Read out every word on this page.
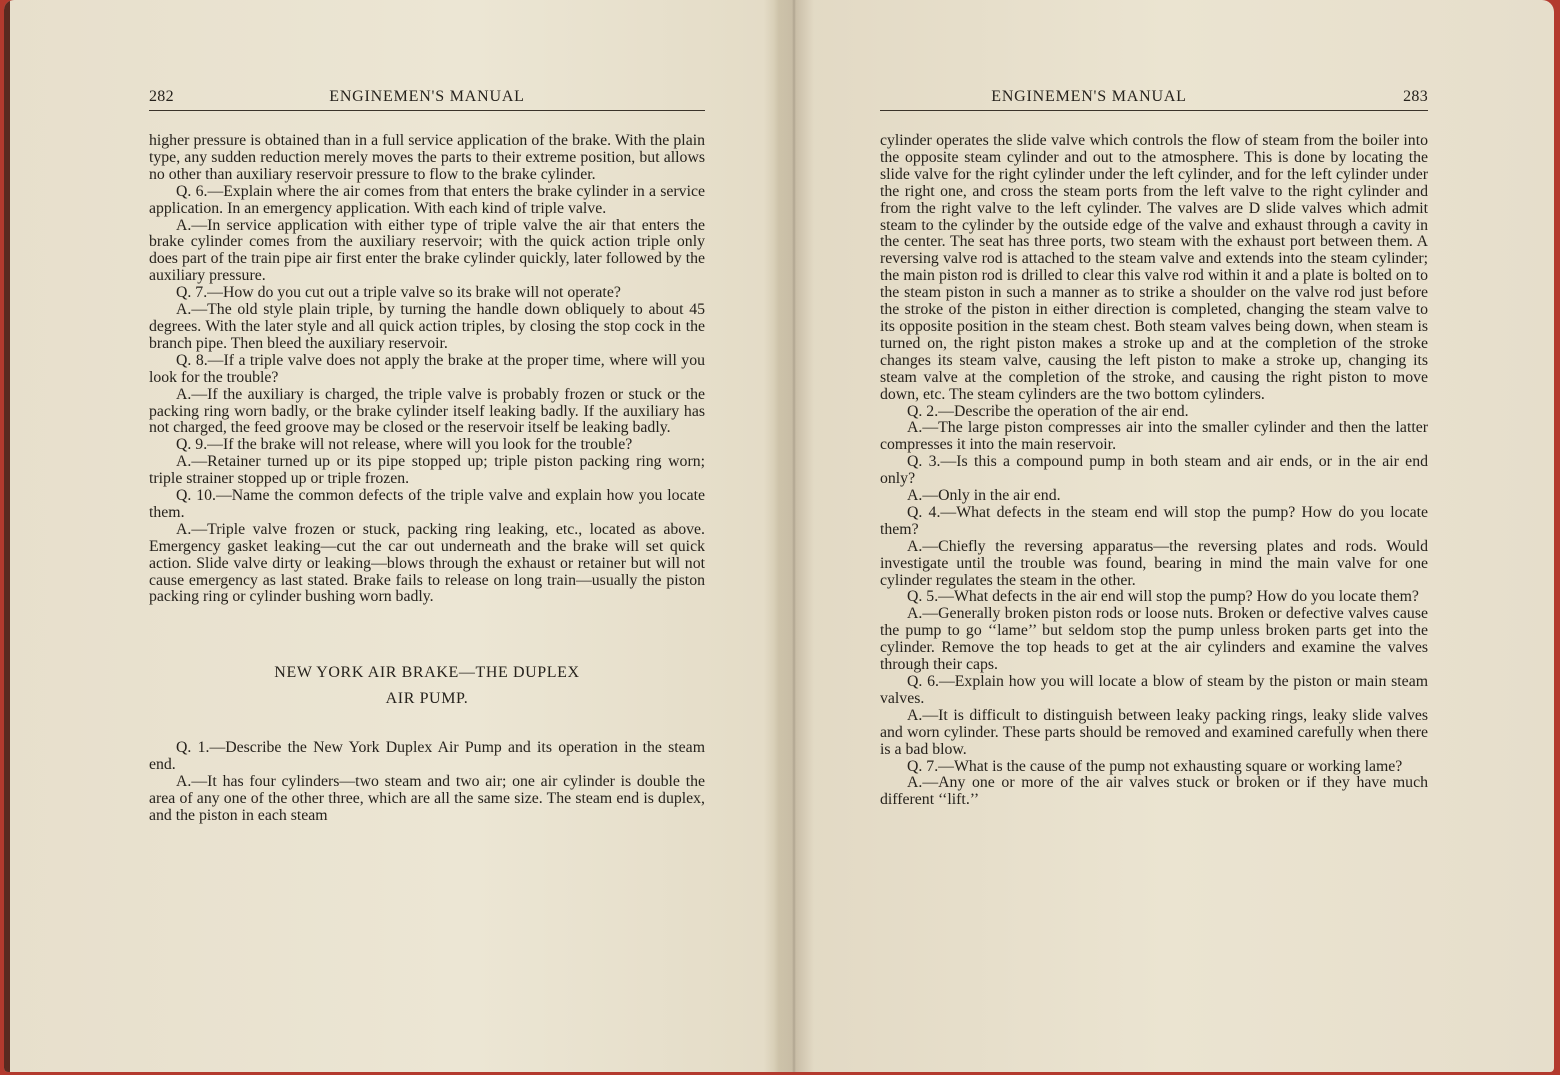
282	ENGINEMEN'S MANUAL

higher pressure is obtained than in a full service application of the brake. With the plain type, any sudden reduction merely moves the parts to their extreme position, but allows no other than auxiliary reservoir pressure to flow to the brake cylinder.

Q. 6.—Explain where the air comes from that enters the brake cylinder in a service application. In an emergency application. With each kind of triple valve.

A.—In service application with either type of triple valve the air that enters the brake cylinder comes from the auxiliary reservoir; with the quick action triple only does part of the train pipe air first enter the brake cylinder quickly, later followed by the auxiliary pressure.

Q. 7.—How do you cut out a triple valve so its brake will not operate?

A.—The old style plain triple, by turning the handle down obliquely to about 45 degrees. With the later style and all quick action triples, by closing the stop cock in the branch pipe. Then bleed the auxiliary reservoir.

Q. 8.—If a triple valve does not apply the brake at the proper time, where will you look for the trouble?

A.—If the auxiliary is charged, the triple valve is probably frozen or stuck or the packing ring worn badly, or the brake cylinder itself leaking badly. If the auxiliary has not charged, the feed groove may be closed or the reservoir itself be leaking badly.

Q. 9.—If the brake will not release, where will you look for the trouble?

A.—Retainer turned up or its pipe stopped up; triple piston packing ring worn; triple strainer stopped up or triple frozen.

Q. 10.—Name the common defects of the triple valve and explain how you locate them.

A.—Triple valve frozen or stuck, packing ring leaking, etc., located as above. Emergency gasket leaking—cut the car out underneath and the brake will set quick action. Slide valve dirty or leaking—blows through the exhaust or retainer but will not cause emergency as last stated. Brake fails to release on long train—usually the piston packing ring or cylinder bushing worn badly.

NEW YORK AIR BRAKE—THE DUPLEX
AIR PUMP.

Q. 1.—Describe the New York Duplex Air Pump and its operation in the steam end.

A.—It has four cylinders—two steam and two air; one air cylinder is double the area of any one of the other three, which are all the same size. The steam end is duplex, and the piston in each steam

ENGINEMEN'S MANUAL	283

cylinder operates the slide valve which controls the flow of steam from the boiler into the opposite steam cylinder and out to the atmosphere. This is done by locating the slide valve for the right cylinder under the left cylinder, and for the left cylinder under the right one, and cross the steam ports from the left valve to the right cylinder and from the right valve to the left cylinder. The valves are D slide valves which admit steam to the cylinder by the outside edge of the valve and exhaust through a cavity in the center. The seat has three ports, two steam with the exhaust port between them. A reversing valve rod is attached to the steam valve and extends into the steam cylinder; the main piston rod is drilled to clear this valve rod within it and a plate is bolted on to the steam piston in such a manner as to strike a shoulder on the valve rod just before the stroke of the piston in either direction is completed, changing the steam valve to its opposite position in the steam chest. Both steam valves being down, when steam is turned on, the right piston makes a stroke up and at the completion of the stroke changes its steam valve, causing the left piston to make a stroke up, changing its steam valve at the completion of the stroke, and causing the right piston to move down, etc. The steam cylinders are the two bottom cylinders.

Q. 2.—Describe the operation of the air end.

A.—The large piston compresses air into the smaller cylinder and then the latter compresses it into the main reservoir.

Q. 3.—Is this a compound pump in both steam and air ends, or in the air end only?

A.—Only in the air end.

Q. 4.—What defects in the steam end will stop the pump? How do you locate them?

A.—Chiefly the reversing apparatus—the reversing plates and rods. Would investigate until the trouble was found, bearing in mind the main valve for one cylinder regulates the steam in the other.

Q. 5.—What defects in the air end will stop the pump? How do you locate them?

A.—Generally broken piston rods or loose nuts. Broken or defective valves cause the pump to go ‘‘lame’’ but seldom stop the pump unless broken parts get into the cylinder. Remove the top heads to get at the air cylinders and examine the valves through their caps.

Q. 6.—Explain how you will locate a blow of steam by the piston or main steam valves.

A.—It is difficult to distinguish between leaky packing rings, leaky slide valves and worn cylinder. These parts should be removed and examined carefully when there is a bad blow.

Q. 7.—What is the cause of the pump not exhausting square or working lame?

A.—Any one or more of the air valves stuck or broken or if they have much different ‘‘lift.’’
